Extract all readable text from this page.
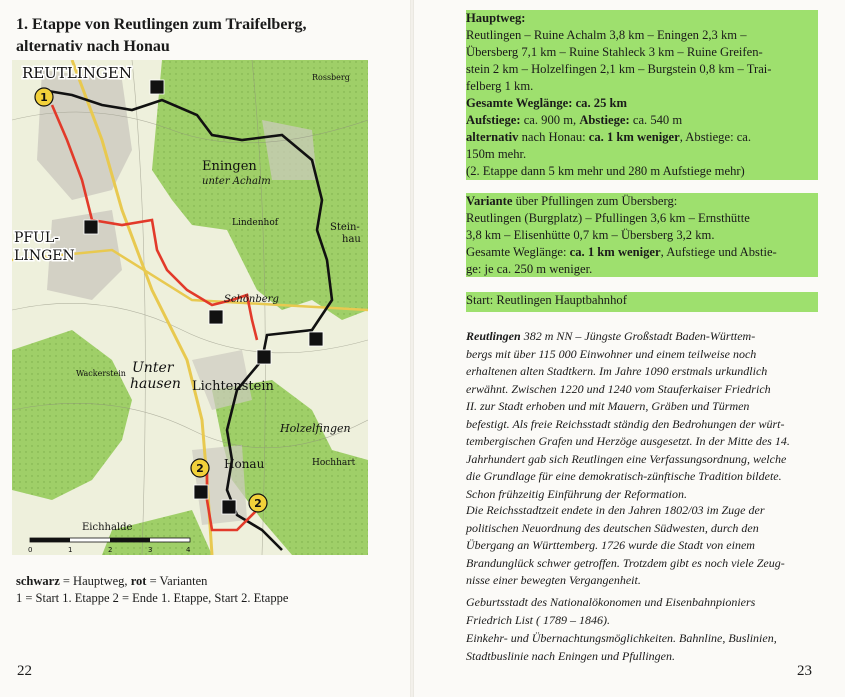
1. Etappe von Reutlingen zum Traifelberg,
alternativ nach Honau
REUTLINGEN
PFUL-
LINGEN
Eningen
unter Achalm
Unter
hausen Lichtenstein
Honau
Holzelfingen
Stein-
hau
Lindenhof
Schönberg
Hochhart
Eichhalde
Wackerstein
Rossberg
1
2
2
0	1	2	3	4
schwarz = Hauptweg, rot = Varianten
1 = Start 1. Etappe 2 = Ende 1. Etappe, Start 2. Etappe
22
Hauptweg:
Reutlingen – Ruine Achalm 3,8 km – Eningen 2,3 km –
Übersberg 7,1 km – Ruine Stahleck 3 km – Ruine Greifen-
stein 2 km – Holzelfingen 2,1 km – Burgstein 0,8 km – Trai-
felberg 1 km.
Gesamte Weglänge: ca. 25 km
Aufstiege: ca. 900 m, Abstiege: ca. 540 m
alternativ nach Honau: ca. 1 km weniger, Abstiege: ca.
150m mehr.
(2. Etappe dann 5 km mehr und 280 m Aufstiege mehr)
Variante über Pfullingen zum Übersberg:
Reutlingen (Burgplatz) – Pfullingen 3,6 km – Ernsthütte
3,8 km – Elisenhütte 0,7 km – Übersberg 3,2 km.
Gesamte Weglänge: ca. 1 km weniger, Aufstiege und Abstie-
ge: je ca. 250 m weniger.
Start: Reutlingen Hauptbahnhof
Reutlingen 382 m NN – Jüngste Großstadt Baden-Württem-
bergs mit über 115 000 Einwohner und einem teilweise noch
erhaltenen alten Stadtkern. Im Jahre 1090 erstmals urkundlich
erwähnt. Zwischen 1220 und 1240 vom Stauferkaiser Friedrich
II. zur Stadt erhoben und mit Mauern, Gräben und Türmen
befestigt. Als freie Reichsstadt ständig den Bedrohungen der würt-
tembergischen Grafen und Herzöge ausgesetzt. In der Mitte des 14.
Jahrhundert gab sich Reutlingen eine Verfassungsordnung, welche
die Grundlage für eine demokratisch-zünftische Tradition bildete.
Schon frühzeitig Einführung der Reformation.
Die Reichsstadtzeit endete in den Jahren 1802/03 im Zuge der
politischen Neuordnung des deutschen Südwesten, durch den
Übergang an Württemberg. 1726 wurde die Stadt von einem
Brandunglück schwer getroffen. Trotzdem gibt es noch viele Zeug-
nisse einer bewegten Vergangenheit.
Geburtsstadt des Nationalökonomen und Eisenbahnpioniers
Friedrich List ( 1789 – 1846).
Einkehr- und Übernachtungsmöglichkeiten. Bahnline, Buslinien,
Stadtbuslinie nach Eningen und Pfullingen.
23
